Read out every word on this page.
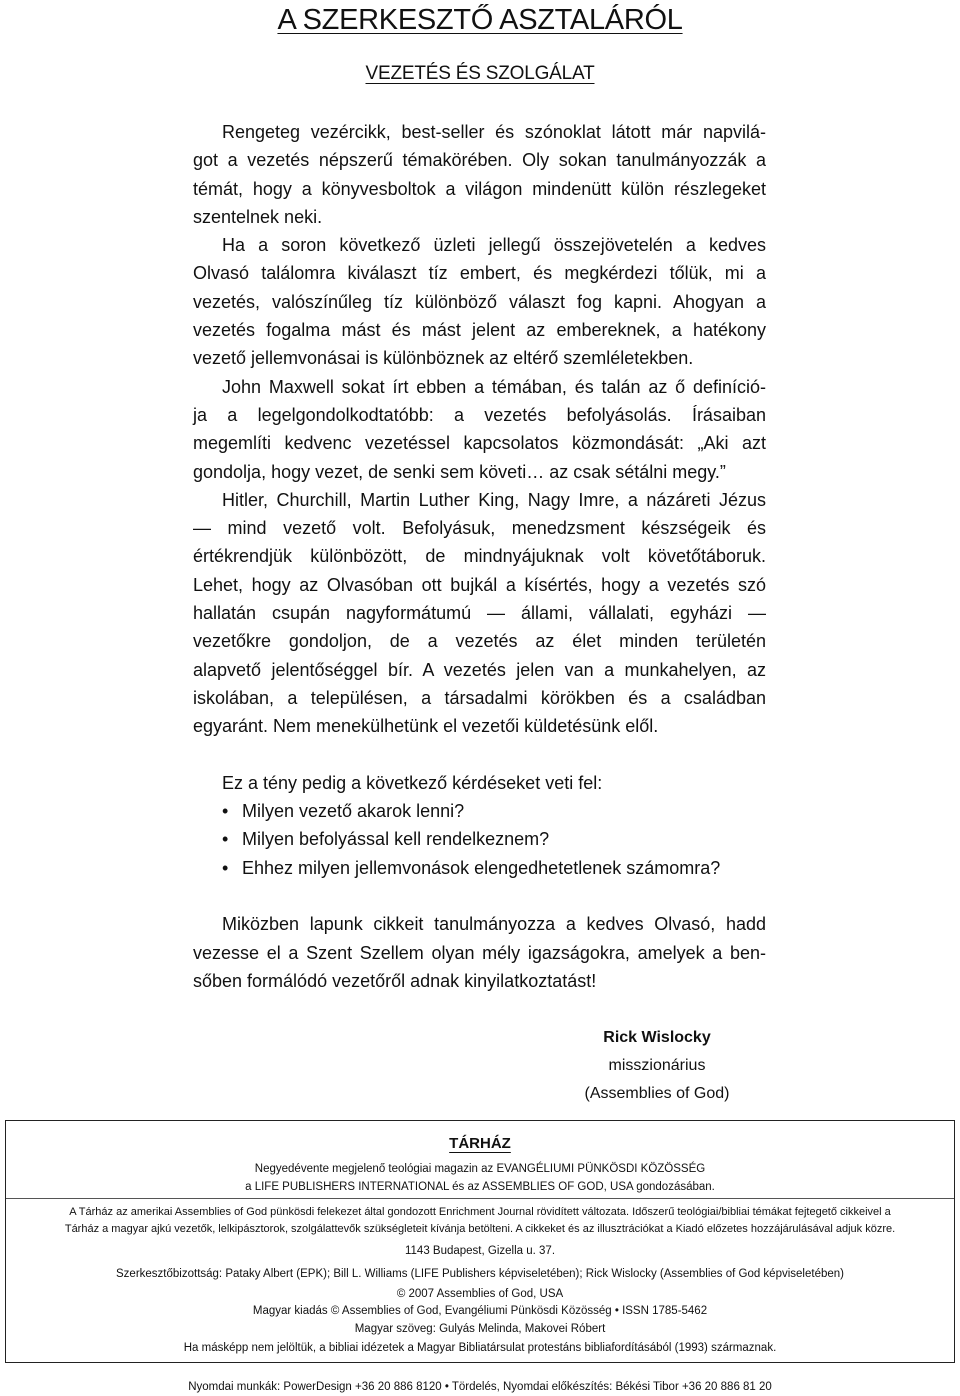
A SZERKESZTŐ ASZTALÁRÓL
VEZETÉS ÉS SZOLGÁLAT
Rengeteg vezércikk, best-seller és szónoklat látott már napvilá-
got a vezetés népszerű témakörében. Oly sokan tanulmányozzák a
témát, hogy a könyvesboltok a világon mindenütt külön részlegeket
szentelnek neki.
Ha a soron következő üzleti jellegű összejövetelén a kedves
Olvasó találomra kiválaszt tíz embert, és megkérdezi tőlük, mi a
vezetés, valószínűleg tíz különböző választ fog kapni. Ahogyan a
vezetés fogalma mást és mást jelent az embereknek, a hatékony
vezető jellemvonásai is különböznek az eltérő szemléletekben.
John Maxwell sokat írt ebben a témában, és talán az ő definíció-
ja a legelgondolkodtatóbb: a vezetés befolyásolás. Írásaiban
megemlíti kedvenc vezetéssel kapcsolatos közmondását: „Aki azt
gondolja, hogy vezet, de senki sem követi… az csak sétálni megy.”
Hitler, Churchill, Martin Luther King, Nagy Imre, a názáreti Jézus
— mind vezető volt. Befolyásuk, menedzsment készségeik és
értékrendjük különbözött, de mindnyájuknak volt követőtáboruk.
Lehet, hogy az Olvasóban ott bujkál a kísértés, hogy a vezetés szó
hallatán csupán nagyformátumú — állami, vállalati, egyházi —
vezetőkre gondoljon, de a vezetés az élet minden területén
alapvető jelentőséggel bír. A vezetés jelen van a munkahelyen, az
iskolában, a településen, a társadalmi körökben és a családban
egyaránt. Nem menekülhetünk el vezetői küldetésünk elől.
Ez a tény pedig a következő kérdéseket veti fel:
• Milyen vezető akarok lenni?
• Milyen befolyással kell rendelkeznem?
• Ehhez milyen jellemvonások elengedhetetlenek számomra?
Miközben lapunk cikkeit tanulmányozza a kedves Olvasó, hadd
vezesse el a Szent Szellem olyan mély igazságokra, amelyek a ben-
sőben formálódó vezetőről adnak kinyilatkoztatást!
Rick Wislocky
misszionárius
(Assemblies of God)
TÁRHÁZ
Negyedévente megjelenő teológiai magazin az EVANGÉLIUMI PÜNKÖSDI KÖZÖSSÉG
a LIFE PUBLISHERS INTERNATIONAL és az ASSEMBLIES OF GOD, USA gondozásában.
A Tárház az amerikai Assemblies of God pünkösdi felekezet által gondozott Enrichment Journal rövidített változata. Időszerű teológiai/bibliai témákat fejtegető cikkeivel a
Tárház a magyar ajkú vezetők, lelkipásztorok, szolgálattevők szükségleteit kívánja betölteni. A cikkeket és az illusztrációkat a Kiadó előzetes hozzájárulásával adjuk közre.
1143 Budapest, Gizella u. 37.
Szerkesztőbizottság: Pataky Albert (EPK); Bill L. Williams (LIFE Publishers képviseletében); Rick Wislocky (Assemblies of God képviseletében)
© 2007 Assemblies of God, USA
Magyar kiadás © Assemblies of God, Evangéliumi Pünkösdi Közösség • ISSN 1785-5462
Magyar szöveg: Gulyás Melinda, Makovei Róbert
Ha másképp nem jelöltük, a bibliai idézetek a Magyar Bibliatársulat protestáns bibliafordításából (1993) származnak.
Nyomdai munkák: PowerDesign +36 20 886 8120 • Tördelés, Nyomdai előkészítés: Békési Tibor +36 20 886 81 20
